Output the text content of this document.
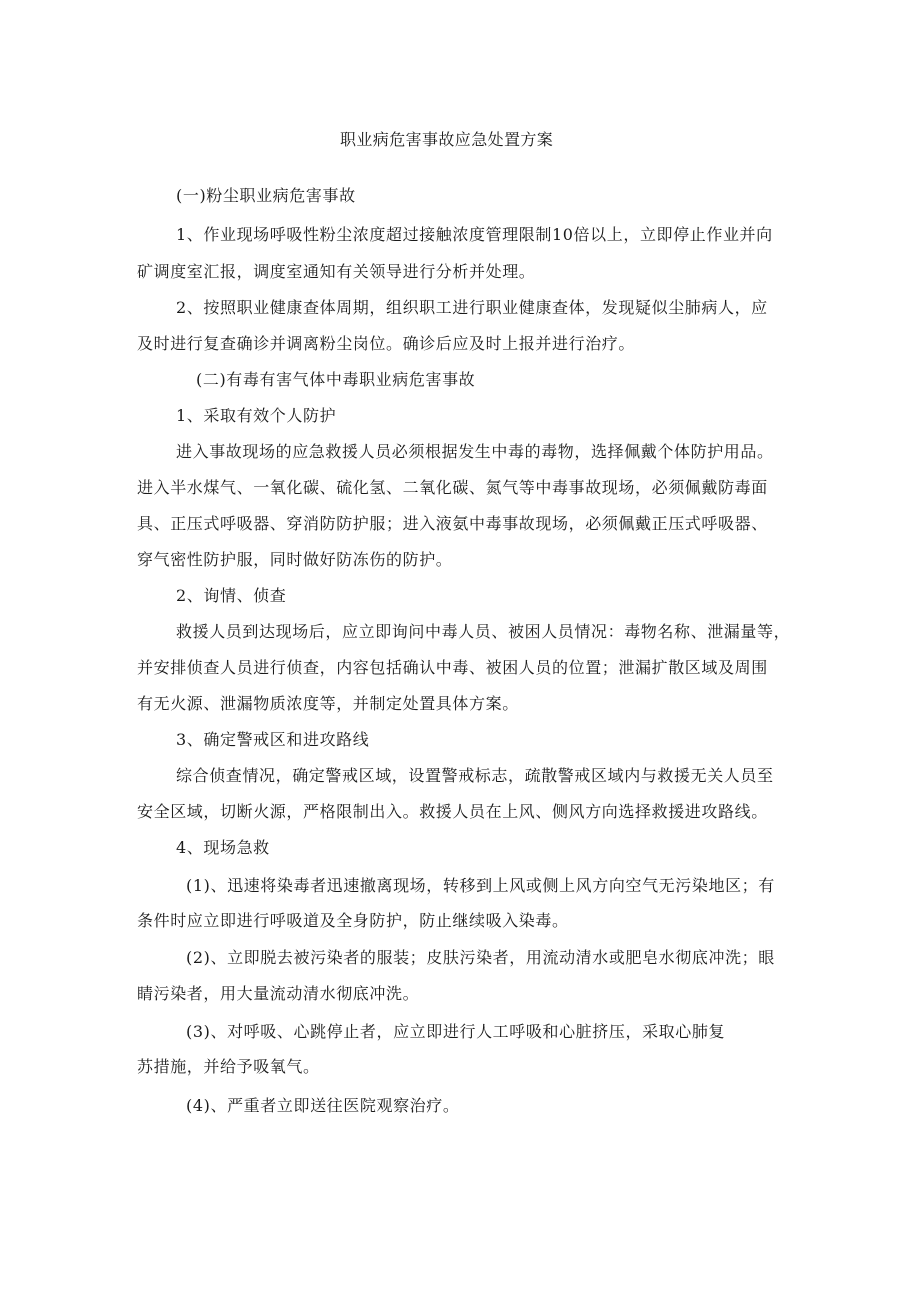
职业病危害事故应急处置方案
(一)粉尘职业病危害事故
1、作业现场呼吸性粉尘浓度超过接触浓度管理限制10倍以上，立即停止作业并向
矿调度室汇报，调度室通知有关领导进行分析并处理。
2、按照职业健康查体周期，组织职工进行职业健康查体，发现疑似尘肺病人，应
及时进行复查确诊并调离粉尘岗位。确诊后应及时上报并进行治疗。
(二)有毒有害气体中毒职业病危害事故
1、采取有效个人防护
进入事故现场的应急救援人员必须根据发生中毒的毒物，选择佩戴个体防护用品。
进入半水煤气、一氧化碳、硫化氢、二氧化碳、氮气等中毒事故现场，必须佩戴防毒面
具、正压式呼吸器、穿消防防护服；进入液氨中毒事故现场，必须佩戴正压式呼吸器、
穿气密性防护服，同时做好防冻伤的防护。
2、询情、侦查
救援人员到达现场后，应立即询问中毒人员、被困人员情况：毒物名称、泄漏量等，
并安排侦查人员进行侦查，内容包括确认中毒、被困人员的位置；泄漏扩散区域及周围
有无火源、泄漏物质浓度等，并制定处置具体方案。
3、确定警戒区和进攻路线
综合侦查情况，确定警戒区域，设置警戒标志，疏散警戒区域内与救援无关人员至
安全区域，切断火源，严格限制出入。救援人员在上风、侧风方向选择救援进攻路线。
4、现场急救
(1)、迅速将染毒者迅速撤离现场，转移到上风或侧上风方向空气无污染地区；有
条件时应立即进行呼吸道及全身防护，防止继续吸入染毒。
(2)、立即脱去被污染者的服装；皮肤污染者，用流动清水或肥皂水彻底冲洗；眼
睛污染者，用大量流动清水彻底冲洗。
(3)、对呼吸、心跳停止者，应立即进行人工呼吸和心脏挤压，采取心肺复
苏措施，并给予吸氧气。
(4)、严重者立即送往医院观察治疗。
